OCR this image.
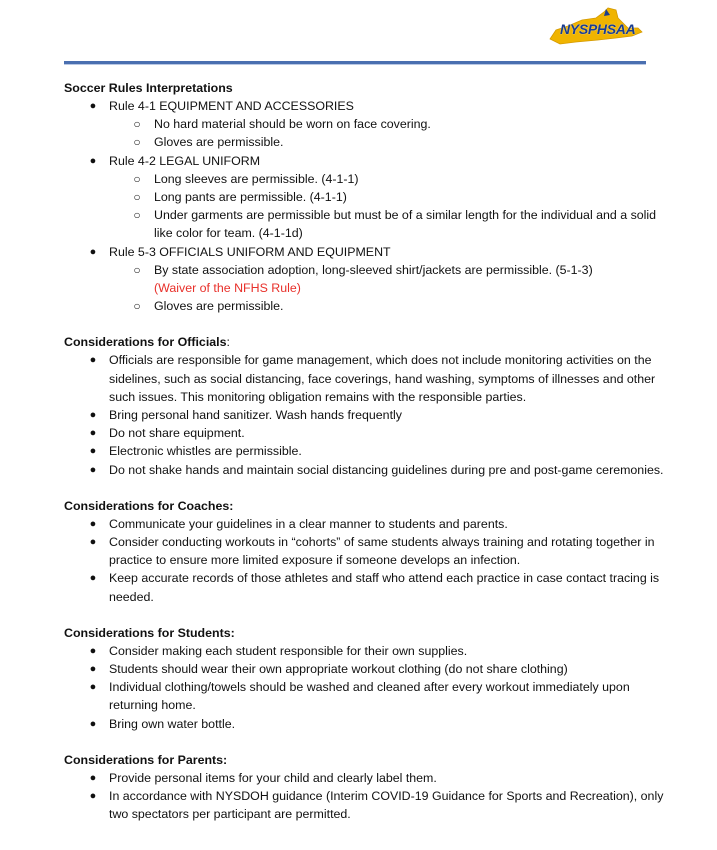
NYSPHSAA

Soccer Rules Interpretations

● Rule 4-1 EQUIPMENT AND ACCESSORIES
○ No hard material should be worn on face covering.
○ Gloves are permissible.
● Rule 4-2 LEGAL UNIFORM
○ Long sleeves are permissible. (4-1-1)
○ Long pants are permissible. (4-1-1)
○ Under garments are permissible but must be of a similar length for the individual and a solid like color for team. (4-1-1d)
● Rule 5-3 OFFICIALS UNIFORM AND EQUIPMENT
○ By state association adoption, long-sleeved shirt/jackets are permissible. (5-1-3)
(Waiver of the NFHS Rule)
○ Gloves are permissible.

Considerations for Officials:

● Officials are responsible for game management, which does not include monitoring activities on the sidelines, such as social distancing, face coverings, hand washing, symptoms of illnesses and other such issues. This monitoring obligation remains with the responsible parties.
● Bring personal hand sanitizer. Wash hands frequently
● Do not share equipment.
● Electronic whistles are permissible.
● Do not shake hands and maintain social distancing guidelines during pre and post-game ceremonies.

Considerations for Coaches:

● Communicate your guidelines in a clear manner to students and parents.
● Consider conducting workouts in “cohorts” of same students always training and rotating together in practice to ensure more limited exposure if someone develops an infection.
● Keep accurate records of those athletes and staff who attend each practice in case contact tracing is needed.

Considerations for Students:

● Consider making each student responsible for their own supplies.
● Students should wear their own appropriate workout clothing (do not share clothing)
● Individual clothing/towels should be washed and cleaned after every workout immediately upon returning home.
● Bring own water bottle.

Considerations for Parents:

● Provide personal items for your child and clearly label them.
● In accordance with NYSDOH guidance (Interim COVID-19 Guidance for Sports and Recreation), only two spectators per participant are permitted.
